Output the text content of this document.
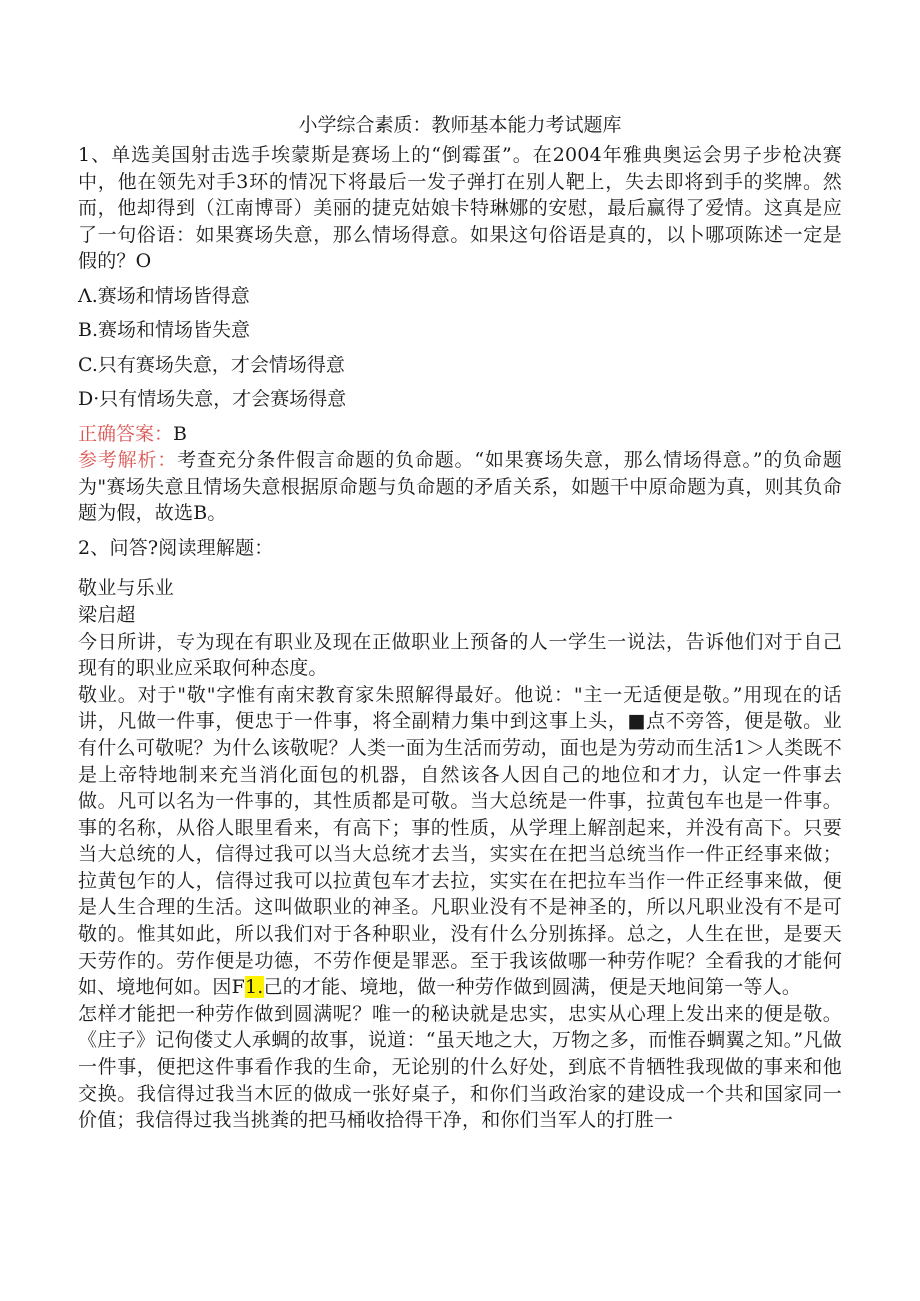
小学综合素质：教师基本能力考试题库

1、单选美国射击选手埃蒙斯是赛场上的“倒霉蛋”。在2004年雅典奥运会男子步枪决赛中，他在领先对手3环的情况下将最后一发子弹打在别人靶上，失去即将到手的奖牌。然而，他却得到（江南博哥）美丽的捷克姑娘卡特琳娜的安慰，最后赢得了爱情。这真是应了一句俗语：如果赛场失意，那么情场得意。如果这句俗语是真的，以卜哪项陈述一定是假的？O

Λ.赛场和情场皆得意

B.赛场和情场皆失意

C.只有赛场失意，才会情场得意

D·只有情场失意，才会赛场得意

正确答案：B

参考解析：考查充分条件假言命题的负命题。“如果赛场失意，那么情场得意。”的负命题为"赛场失意且情场失意根据原命题与负命题的矛盾关系，如题干中原命题为真，则其负命题为假，故选B。

2、问答?阅读理解题：

敬业与乐业

梁启超

今日所讲，专为现在有职业及现在正做职业上预备的人一学生一说法，告诉他们对于自己现有的职业应采取何种态度。

敬业。对于"敬"字惟有南宋教育家朱照解得最好。他说："主一无适便是敬。”用现在的话讲，凡做一件事，便忠于一件事，将全副精力集中到这事上头，■点不旁答，便是敬。业有什么可敬呢？为什么该敬呢？人类一面为生活而劳动，面也是为劳动而生活1＞人类既不是上帝特地制来充当消化面包的机器，自然该各人因自己的地位和才力，认定一件事去做。凡可以名为一件事的，其性质都是可敬。当大总统是一件事，拉黄包车也是一件事。事的名称，从俗人眼里看来，有高下；事的性质，从学理上解剖起来，并没有高下。只要当大总统的人，信得过我可以当大总统才去当，实实在在把当总统当作一件正经事来做；拉黄包乍的人，信得过我可以拉黄包车才去拉，实实在在把拉车当作一件正经事来做，便是人生合理的生活。这叫做职业的神圣。凡职业没有不是神圣的，所以凡职业没有不是可敬的。惟其如此，所以我们对于各种职业，没有什么分别拣择。总之，人生在世，是要天天劳作的。劳作便是功德，不劳作便是罪恶。至于我该做哪一种劳作呢？全看我的才能何如、境地何如。因F1.己的才能、境地，做一种劳作做到圆满，便是天地间第一等人。

怎样才能把一种劳作做到圆满呢？唯一的秘诀就是忠实，忠实从心理上发出来的便是敬。《庄子》记佝偻丈人承蜩的故事，说道：“虽天地之大，万物之多，而惟吞蜩翼之知。”凡做一件事，便把这件事看作我的生命，无论别的什么好处，到底不肯牺牲我现做的事来和他交换。我信得过我当木匠的做成一张好桌子，和你们当政治家的建设成一个共和国家同一价值；我信得过我当挑粪的把马桶收拾得干净，和你们当军人的打胜一
